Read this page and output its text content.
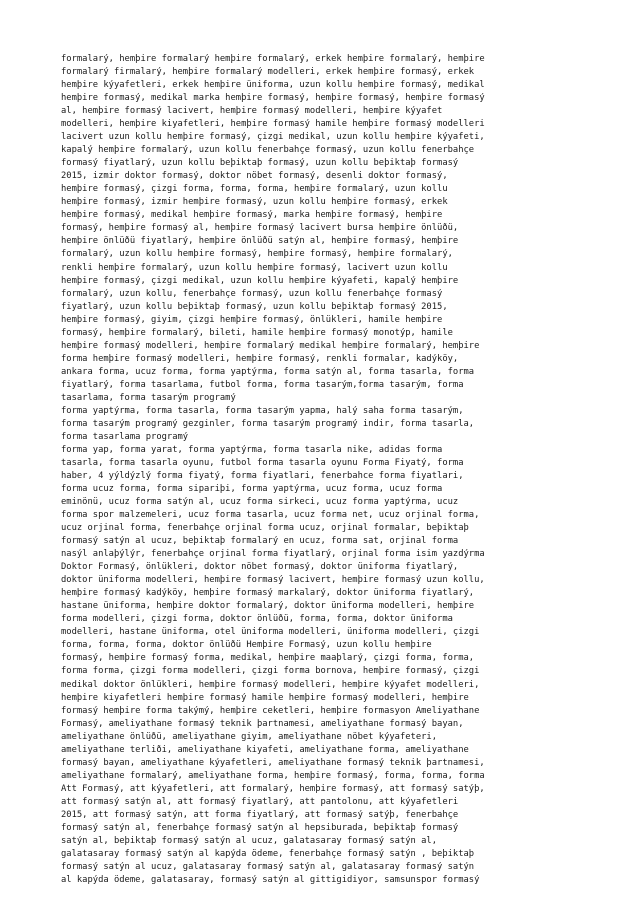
formalarý, hemþire formalarý hemþire formalarý, erkek hemþire formalarý, hemþire
formalarý firmalarý, hemþire formalarý modelleri, erkek hemþire formasý, erkek
hemþire kýyafetleri, erkek hemþire üniforma, uzun kollu hemþire formasý, medikal
hemþire formasý, medikal marka hemþire formasý, hemþire formasý, hemþire formasý
al, hemþire formasý lacivert, hemþire formasý modelleri, hemþire kýyafet
modelleri, hemþire kiyafetleri, hemþire formasý hamile hemþire formasý modelleri
lacivert uzun kollu hemþire formasý, çizgi medikal, uzun kollu hemþire kýyafeti,
kapalý hemþire formalarý, uzun kollu fenerbahçe formasý, uzun kollu fenerbahçe
formasý fiyatlarý, uzun kollu beþiktaþ formasý, uzun kollu beþiktaþ formasý
2015, izmir doktor formasý, doktor nöbet formasý, desenli doktor formasý,
hemþire formasý, çizgi forma, forma, forma, hemþire formalarý, uzun kollu
hemþire formasý, izmir hemþire formasý, uzun kollu hemþire formasý, erkek
hemþire formasý, medikal hemþire formasý, marka hemþire formasý, hemþire
formasý, hemþire formasý al, hemþire formasý lacivert bursa hemþire önlüðü,
hemþire önlüðü fiyatlarý, hemþire önlüðü satýn al, hemþire formasý, hemþire
formalarý, uzun kollu hemþire formasý, hemþire formasý, hemþire formalarý,
renkli hemþire formalarý, uzun kollu hemþire formasý, lacivert uzun kollu
hemþire formasý, çizgi medikal, uzun kollu hemþire kýyafeti, kapalý hemþire
formalarý, uzun kollu, fenerbahçe formasý, uzun kollu fenerbahçe formasý
fiyatlarý, uzun kollu beþiktaþ formasý, uzun kollu beþiktaþ formasý 2015,
hemþire formasý, giyim, çizgi hemþire formasý, önlükleri, hamile hemþire
formasý, hemþire formalarý, bileti, hamile hemþire formasý monotýp, hamile
hemþire formasý modelleri, hemþire formalarý medikal hemþire formalarý, hemþire
forma hemþire formasý modelleri, hemþire formasý, renkli formalar, kadýköy,
ankara forma, ucuz forma, forma yaptýrma, forma satýn al, forma tasarla, forma
fiyatlarý, forma tasarlama, futbol forma, forma tasarým,forma tasarým, forma
tasarlama, forma tasarým programý
forma yaptýrma, forma tasarla, forma tasarým yapma, halý saha forma tasarým,
forma tasarým programý gezginler, forma tasarým programý indir, forma tasarla,
forma tasarlama programý
forma yap, forma yarat, forma yaptýrma, forma tasarla nike, adidas forma
tasarla, forma tasarla oyunu, futbol forma tasarla oyunu Forma Fiyatý, forma
haber, 4 yýldýzlý forma fiyatý, forma fiyatlari, fenerbahce forma fiyatlari,
forma ucuz forma, forma sipariþi, forma yaptýrma, ucuz forma, ucuz forma
eminönü, ucuz forma satýn al, ucuz forma sirkeci, ucuz forma yaptýrma, ucuz
forma spor malzemeleri, ucuz forma tasarla, ucuz forma net, ucuz orjinal forma,
ucuz orjinal forma, fenerbahçe orjinal forma ucuz, orjinal formalar, beþiktaþ
formasý satýn al ucuz, beþiktaþ formalarý en ucuz, forma sat, orjinal forma
nasýl anlaþýlýr, fenerbahçe orjinal forma fiyatlarý, orjinal forma isim yazdýrma
Doktor Formasý, önlükleri, doktor nöbet formasý, doktor üniforma fiyatlarý,
doktor üniforma modelleri, hemþire formasý lacivert, hemþire formasý uzun kollu,
hemþire formasý kadýköy, hemþire formasý markalarý, doktor üniforma fiyatlarý,
hastane üniforma, hemþire doktor formalarý, doktor üniforma modelleri, hemþire
forma modelleri, çizgi forma, doktor önlüðü, forma, forma, doktor üniforma
modelleri, hastane üniforma, otel üniforma modelleri, üniforma modelleri, çizgi
forma, forma, forma, doktor önlüðü Hemþire Formasý, uzun kollu hemþire
formasý, hemþire formasý forma, medikal, hemþire maaþlarý, çizgi forma, forma,
forma forma, çizgi forma modelleri, çizgi forma bornova, hemþire formasý, çizgi
medikal doktor önlükleri, hemþire formasý modelleri, hemþire kýyafet modelleri,
hemþire kiyafetleri hemþire formasý hamile hemþire formasý modelleri, hemþire
formasý hemþire forma takýmý, hemþire ceketleri, hemþire formasyon Ameliyathane
Formasý, ameliyathane formasý teknik þartnamesi, ameliyathane formasý bayan,
ameliyathane önlüðü, ameliyathane giyim, ameliyathane nöbet kýyafeteri,
ameliyathane terliði, ameliyathane kiyafeti, ameliyathane forma, ameliyathane
formasý bayan, ameliyathane kýyafetleri, ameliyathane formasý teknik þartnamesi,
ameliyathane formalarý, ameliyathane forma, hemþire formasý, forma, forma, forma
Att Formasý, att kýyafetleri, att formalarý, hemþire formasý, att formasý satýþ,
att formasý satýn al, att formasý fiyatlarý, att pantolonu, att kýyafetleri
2015, att formasý satýn, att forma fiyatlarý, att formasý satýþ, fenerbahçe
formasý satýn al, fenerbahçe formasý satýn al hepsiburada, beþiktaþ formasý
satýn al, beþiktaþ formasý satýn al ucuz, galatasaray formasý satýn al,
galatasaray formasý satýn al kapýda ödeme, fenerbahçe formasý satýn , beþiktaþ
formasý satýn al ucuz, galatasaray formasý satýn al, galatasaray formasý satýn
al kapýda ödeme, galatasaray, formasý satýn al gittigidiyor, samsunspor formasý
